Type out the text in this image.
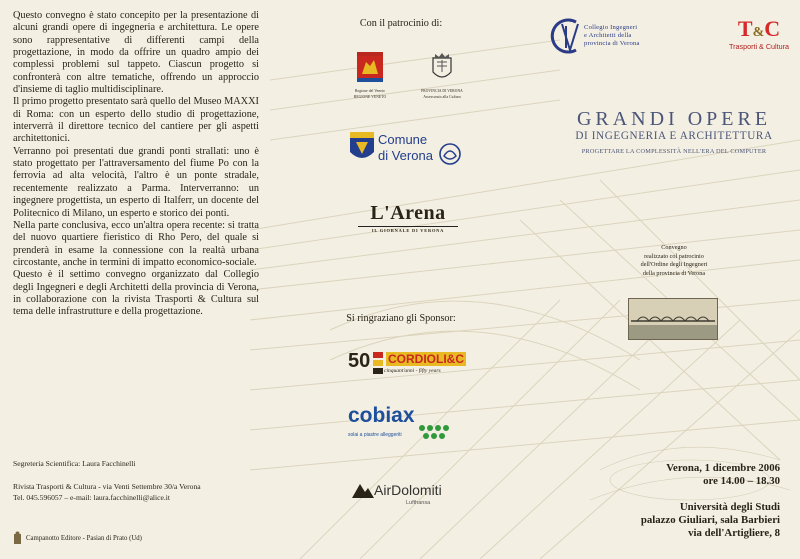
Questo convegno è stato concepito per la presentazione di alcuni grandi opere di ingegneria e architettura. Le opere sono rappresentative di differenti campi della progettazione, in modo da offrire un quadro ampio dei complessi problemi sul tappeto. Ciascun progetto si confronterà con altre tematiche, offrendo un approccio d'insieme di taglio multidisciplinare.

Il primo progetto presentato sarà quello del Museo MAXXI di Roma: con un esperto dello studio di progettazione, interverrà il direttore tecnico del cantiere per gli aspetti architettonici.

Verranno poi presentati due grandi ponti strallati: uno è stato progettato per l'attraversamento del fiume Po con la ferrovia ad alta velocità, l'altro è un ponte stradale, recentemente realizzato a Parma. Interverranno: un ingegnere progettista, un esperto di Italferr, un docente del Politecnico di Milano, un esperto e storico dei ponti.

Nella parte conclusiva, ecco un'altra opera recente: si tratta del nuovo quartiere fieristico di Rho Pero, del quale si prenderà in esame la connessione con la realtà urbana circostante, anche in termini di impatto economico-sociale.

Questo è il settimo convegno organizzato dal Collegio degli Ingegneri e degli Architetti della provincia di Verona, in collaborazione con la rivista Trasporti & Cultura sul tema delle infrastrutture e della progettazione.

Segreteria Scientifica: Laura Facchinelli
Rivista Trasporti & Cultura - via Venti Settembre 30/a Verona
Tel. 045.596057 – e-mail: laura.facchinelli@alice.it
Campanotto Editore - Pasian di Prato (Ud)
Con il patrocinio di:
Regione del Veneto
REGIONE VENETO
PROVINCIA DI VERONA
Assessorato alla Cultura
Comune
di Verona
L'Arena
IL GIORNALE DI VERONA
Si ringraziano gli Sponsor:
50 CORDIOLI&C
cinquant'anni - fifty years
cobiax
solai a piastre alleggeriti
AirDolomiti
Lufthansa
Collegio Ingegneri
e Architetti della
provincia di Verona
T&C
Trasporti & Cultura
GRANDI OPERE
DI INGEGNERIA E ARCHITETTURA
PROGETTARE LA COMPLESSITÀ NELL'ERA DEL COMPUTER
Convegno
realizzato col patrocinio
dell'Ordine degli Ingegneri
della provincia di Verona
Verona, 1 dicembre 2006
ore 14.00 – 18.30
Università degli Studi
palazzo Giuliari, sala Barbieri
via dell'Artigliere, 8
